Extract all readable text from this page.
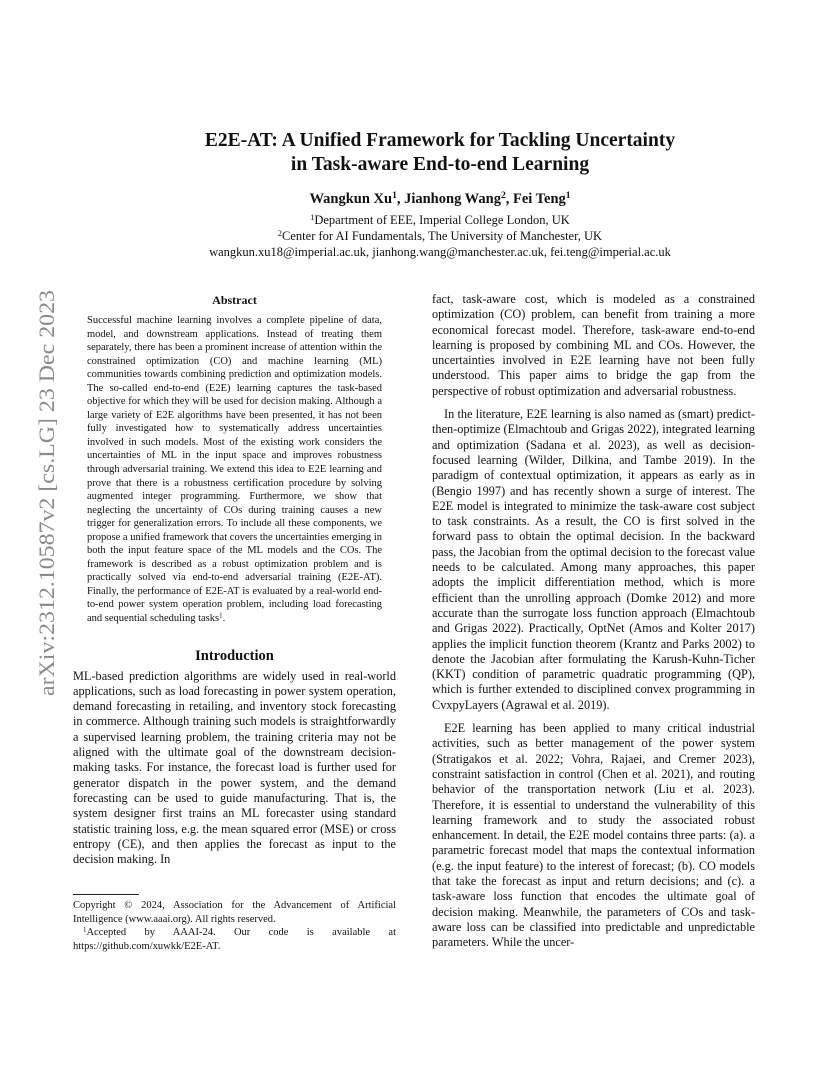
arXiv:2312.10587v2 [cs.LG] 23 Dec 2023
E2E-AT: A Unified Framework for Tackling Uncertainty
in Task-aware End-to-end Learning
Wangkun Xu$^1$, Jianhong Wang$^2$, Fei Teng$^1$
$^1$Department of EEE, Imperial College London, UK
$^2$Center for AI Fundamentals, The University of Manchester, UK
wangkun.xu18@imperial.ac.uk, jianhong.wang@manchester.ac.uk, fei.teng@imperial.ac.uk
Abstract
Successful machine learning involves a complete pipeline of data, model, and downstream applications. Instead of treating them separately, there has been a prominent increase of attention within the constrained optimization (CO) and machine learning (ML) communities towards combining prediction and optimization models. The so-called end-to-end (E2E) learning captures the task-based objective for which they will be used for decision making. Although a large variety of E2E algorithms have been presented, it has not been fully investigated how to systematically address uncertainties involved in such models. Most of the existing work considers the uncertainties of ML in the input space and improves robustness through adversarial training. We extend this idea to E2E learning and prove that there is a robustness certification procedure by solving augmented integer programming. Furthermore, we show that neglecting the uncertainty of COs during training causes a new trigger for generalization errors. To include all these components, we propose a unified framework that covers the uncertainties emerging in both the input feature space of the ML models and the COs. The framework is described as a robust optimization problem and is practically solved via end-to-end adversarial training (E2E-AT). Finally, the performance of E2E-AT is evaluated by a real-world end-to-end power system operation problem, including load forecasting and sequential scheduling tasks$^1$.
Introduction

ML-based prediction algorithms are widely used in real-world applications, such as load forecasting in power system operation, demand forecasting in retailing, and inventory stock forecasting in commerce. Although training such models is straightforwardly a supervised learning problem, the training criteria may not be aligned with the ultimate goal of the downstream decision-making tasks. For instance, the forecast load is further used for generator dispatch in the power system, and the demand forecasting can be used to guide manufacturing. That is, the system designer first trains an ML forecaster using standard statistic training loss, e.g. the mean squared error (MSE) or cross entropy (CE), and then applies the forecast as input to the decision making. In

Copyright © 2024, Association for the Advancement of Artificial Intelligence (www.aaai.org). All rights reserved.

$^1$Accepted by AAAI-24. Our code is available at https://github.com/xuwkk/E2E-AT.

fact, task-aware cost, which is modeled as a constrained optimization (CO) problem, can benefit from training a more economical forecast model. Therefore, task-aware end-to-end learning is proposed by combining ML and COs. However, the uncertainties involved in E2E learning have not been fully understood. This paper aims to bridge the gap from the perspective of robust optimization and adversarial robustness.

In the literature, E2E learning is also named as (smart) predict-then-optimize (Elmachtoub and Grigas 2022), integrated learning and optimization (Sadana et al. 2023), as well as decision-focused learning (Wilder, Dilkina, and Tambe 2019). In the paradigm of contextual optimization, it appears as early as in (Bengio 1997) and has recently shown a surge of interest. The E2E model is integrated to minimize the task-aware cost subject to task constraints. As a result, the CO is first solved in the forward pass to obtain the optimal decision. In the backward pass, the Jacobian from the optimal decision to the forecast value needs to be calculated. Among many approaches, this paper adopts the implicit differentiation method, which is more efficient than the unrolling approach (Domke 2012) and more accurate than the surrogate loss function approach (Elmachtoub and Grigas 2022). Practically, OptNet (Amos and Kolter 2017) applies the implicit function theorem (Krantz and Parks 2002) to denote the Jacobian after formulating the Karush-Kuhn-Ticher (KKT) condition of parametric quadratic programming (QP), which is further extended to disciplined convex programming in CvxpyLayers (Agrawal et al. 2019).

E2E learning has been applied to many critical industrial activities, such as better management of the power system (Stratigakos et al. 2022; Vohra, Rajaei, and Cremer 2023), constraint satisfaction in control (Chen et al. 2021), and routing behavior of the transportation network (Liu et al. 2023). Therefore, it is essential to understand the vulnerability of this learning framework and to study the associated robust enhancement. In detail, the E2E model contains three parts: (a). a parametric forecast model that maps the contextual information (e.g. the input feature) to the interest of forecast; (b). CO models that take the forecast as input and return decisions; and (c). a task-aware loss function that encodes the ultimate goal of decision making. Meanwhile, the parameters of COs and task-aware loss can be classified into predictable and unpredictable parameters. While the uncer-
